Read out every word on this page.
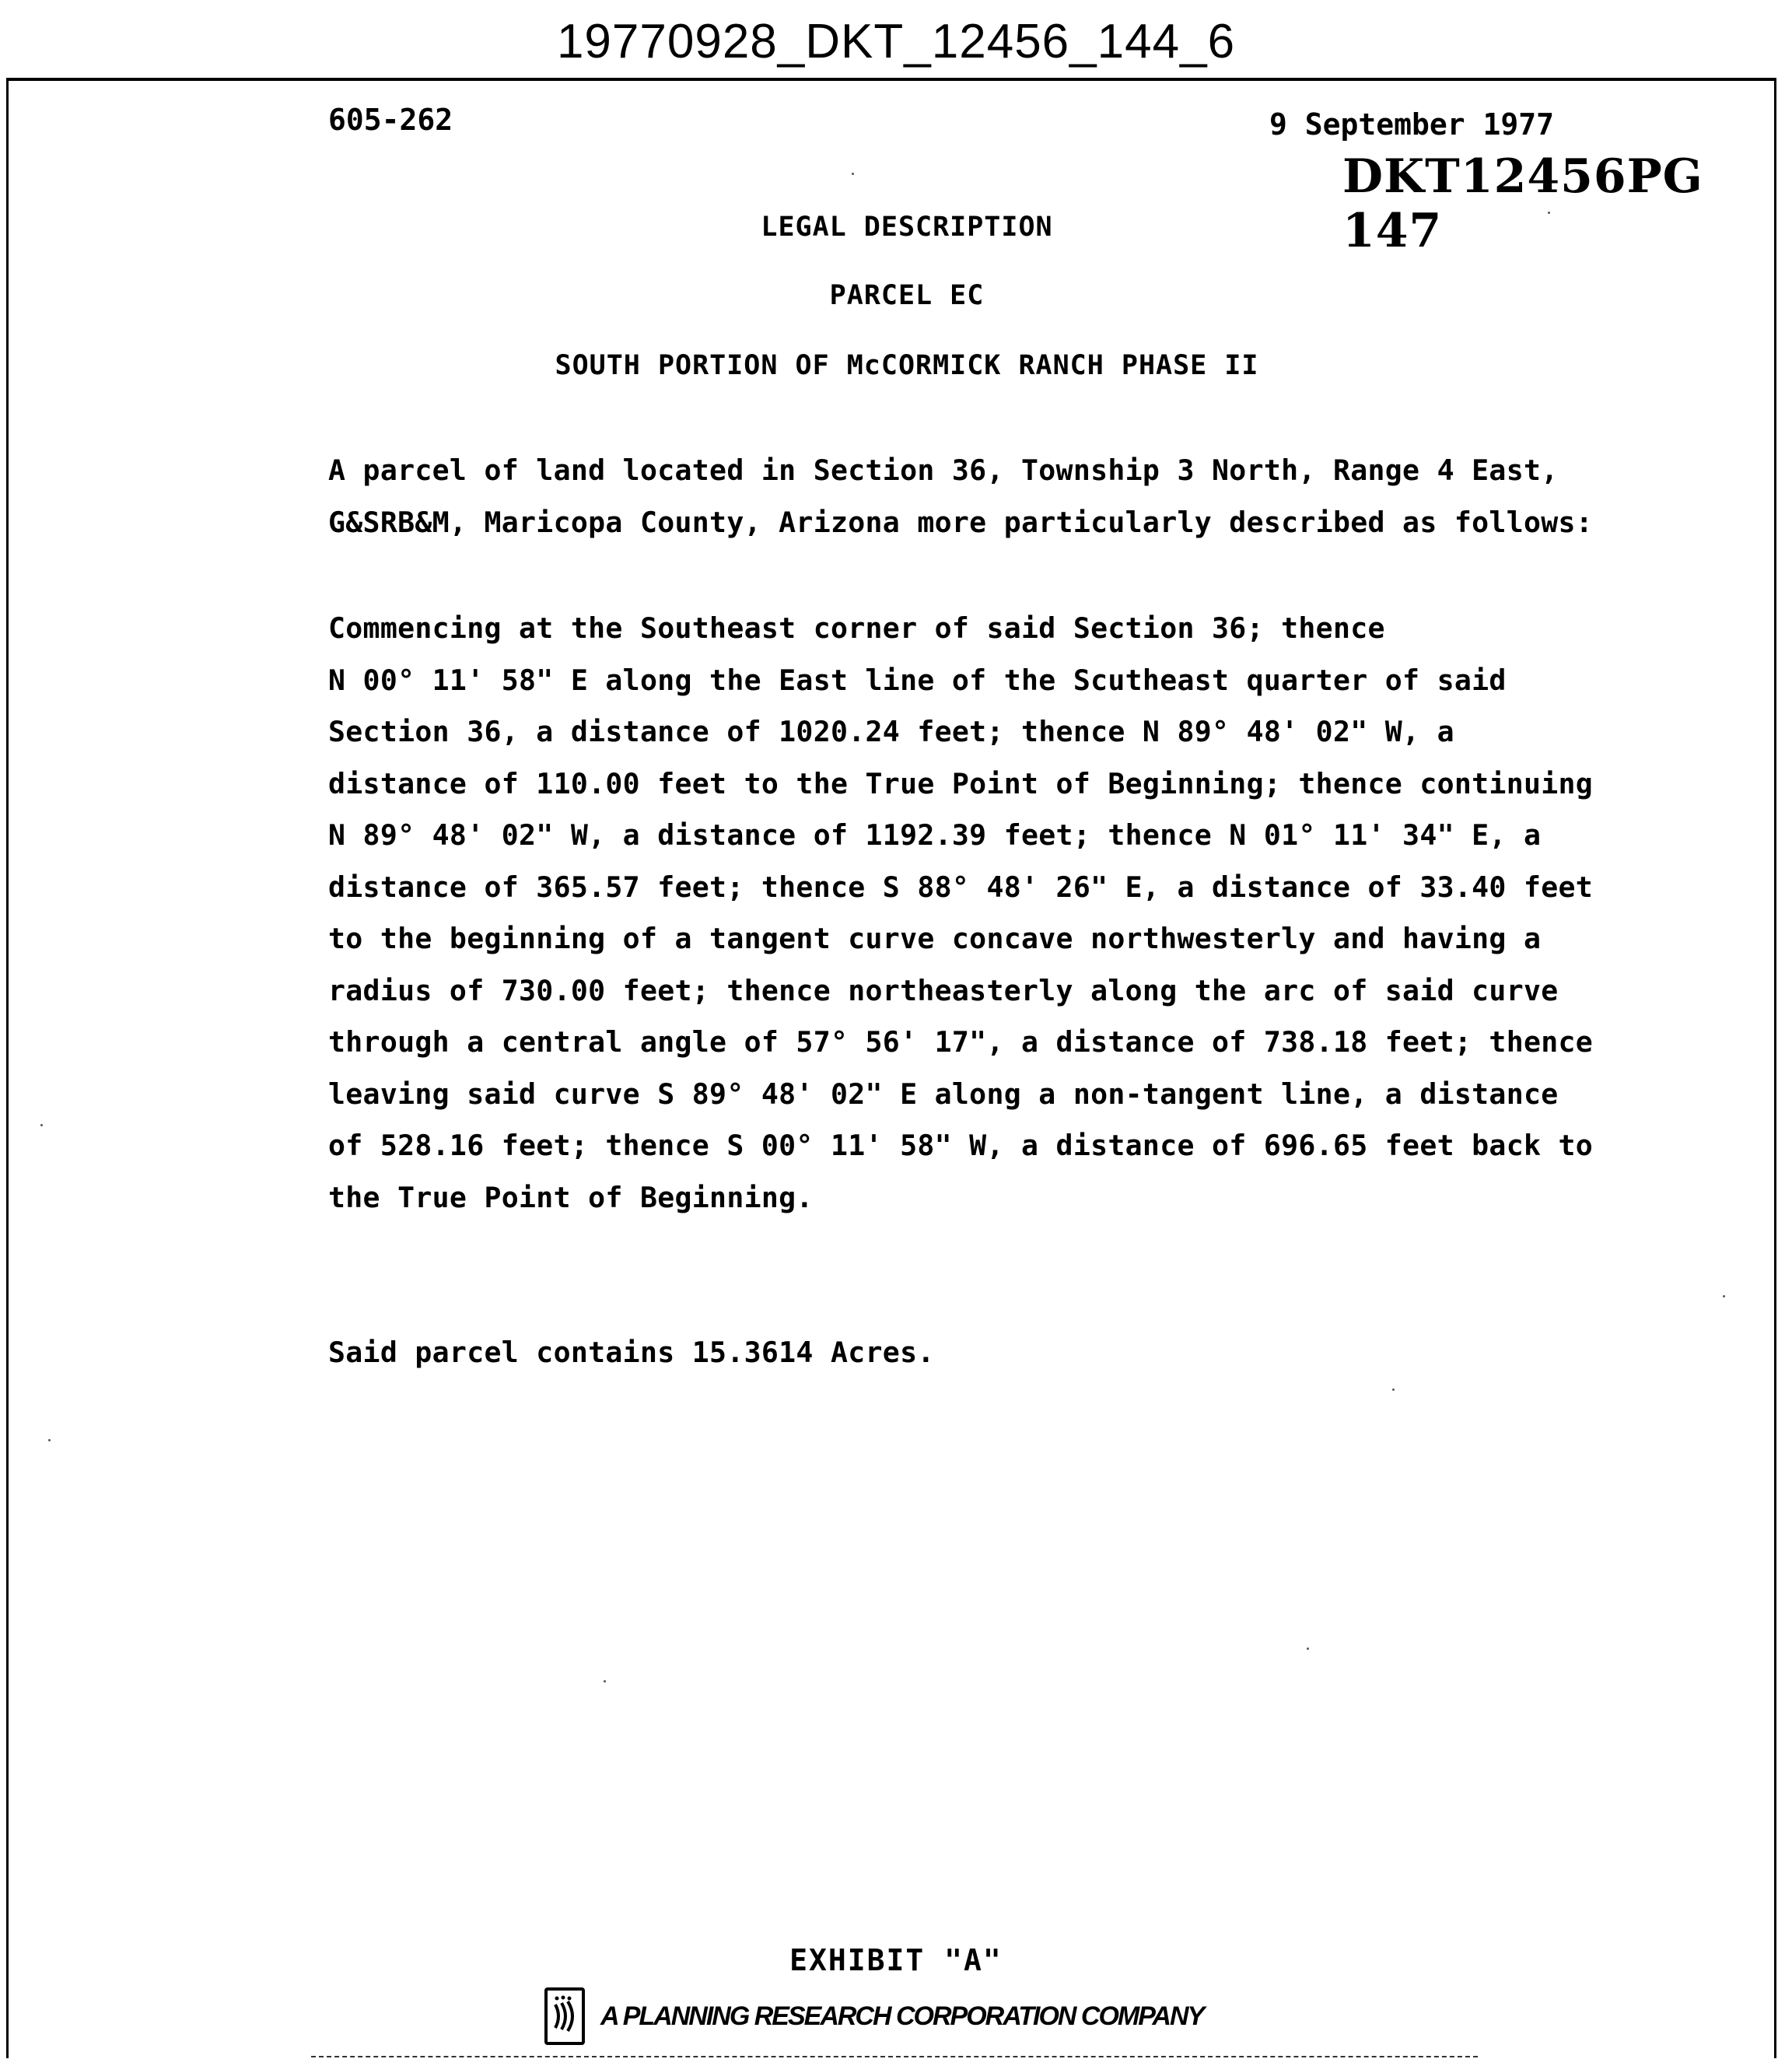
19770928_DKT_12456_144_6
605-262	9 September 1977
DKT12456PG 147
LEGAL DESCRIPTION
PARCEL EC
SOUTH PORTION OF McCORMICK RANCH PHASE II
A parcel of land located in Section 36, Township 3 North, Range 4 East,
G&SRB&M, Maricopa County, Arizona more particularly described as follows:
Commencing at the Southeast corner of said Section 36; thence
N 00° 11' 58" E along the East line of the Scutheast quarter of said
Section 36, a distance of 1020.24 feet; thence N 89° 48' 02" W, a
distance of 110.00 feet to the True Point of Beginning; thence continuing
N 89° 48' 02" W, a distance of 1192.39 feet; thence N 01° 11' 34" E, a
distance of 365.57 feet; thence S 88° 48' 26" E, a distance of 33.40 feet
to the beginning of a tangent curve concave northwesterly and having a
radius of 730.00 feet; thence northeasterly along the arc of said curve
through a central angle of 57° 56' 17", a distance of 738.18 feet; thence
leaving said curve S 89° 48' 02" E along a non-tangent line, a distance
of 528.16 feet; thence S 00° 11' 58" W, a distance of 696.65 feet back to
the True Point of Beginning.
Said parcel contains 15.3614 Acres.
EXHIBIT "A"
A PLANNING RESEARCH CORPORATION COMPANY
